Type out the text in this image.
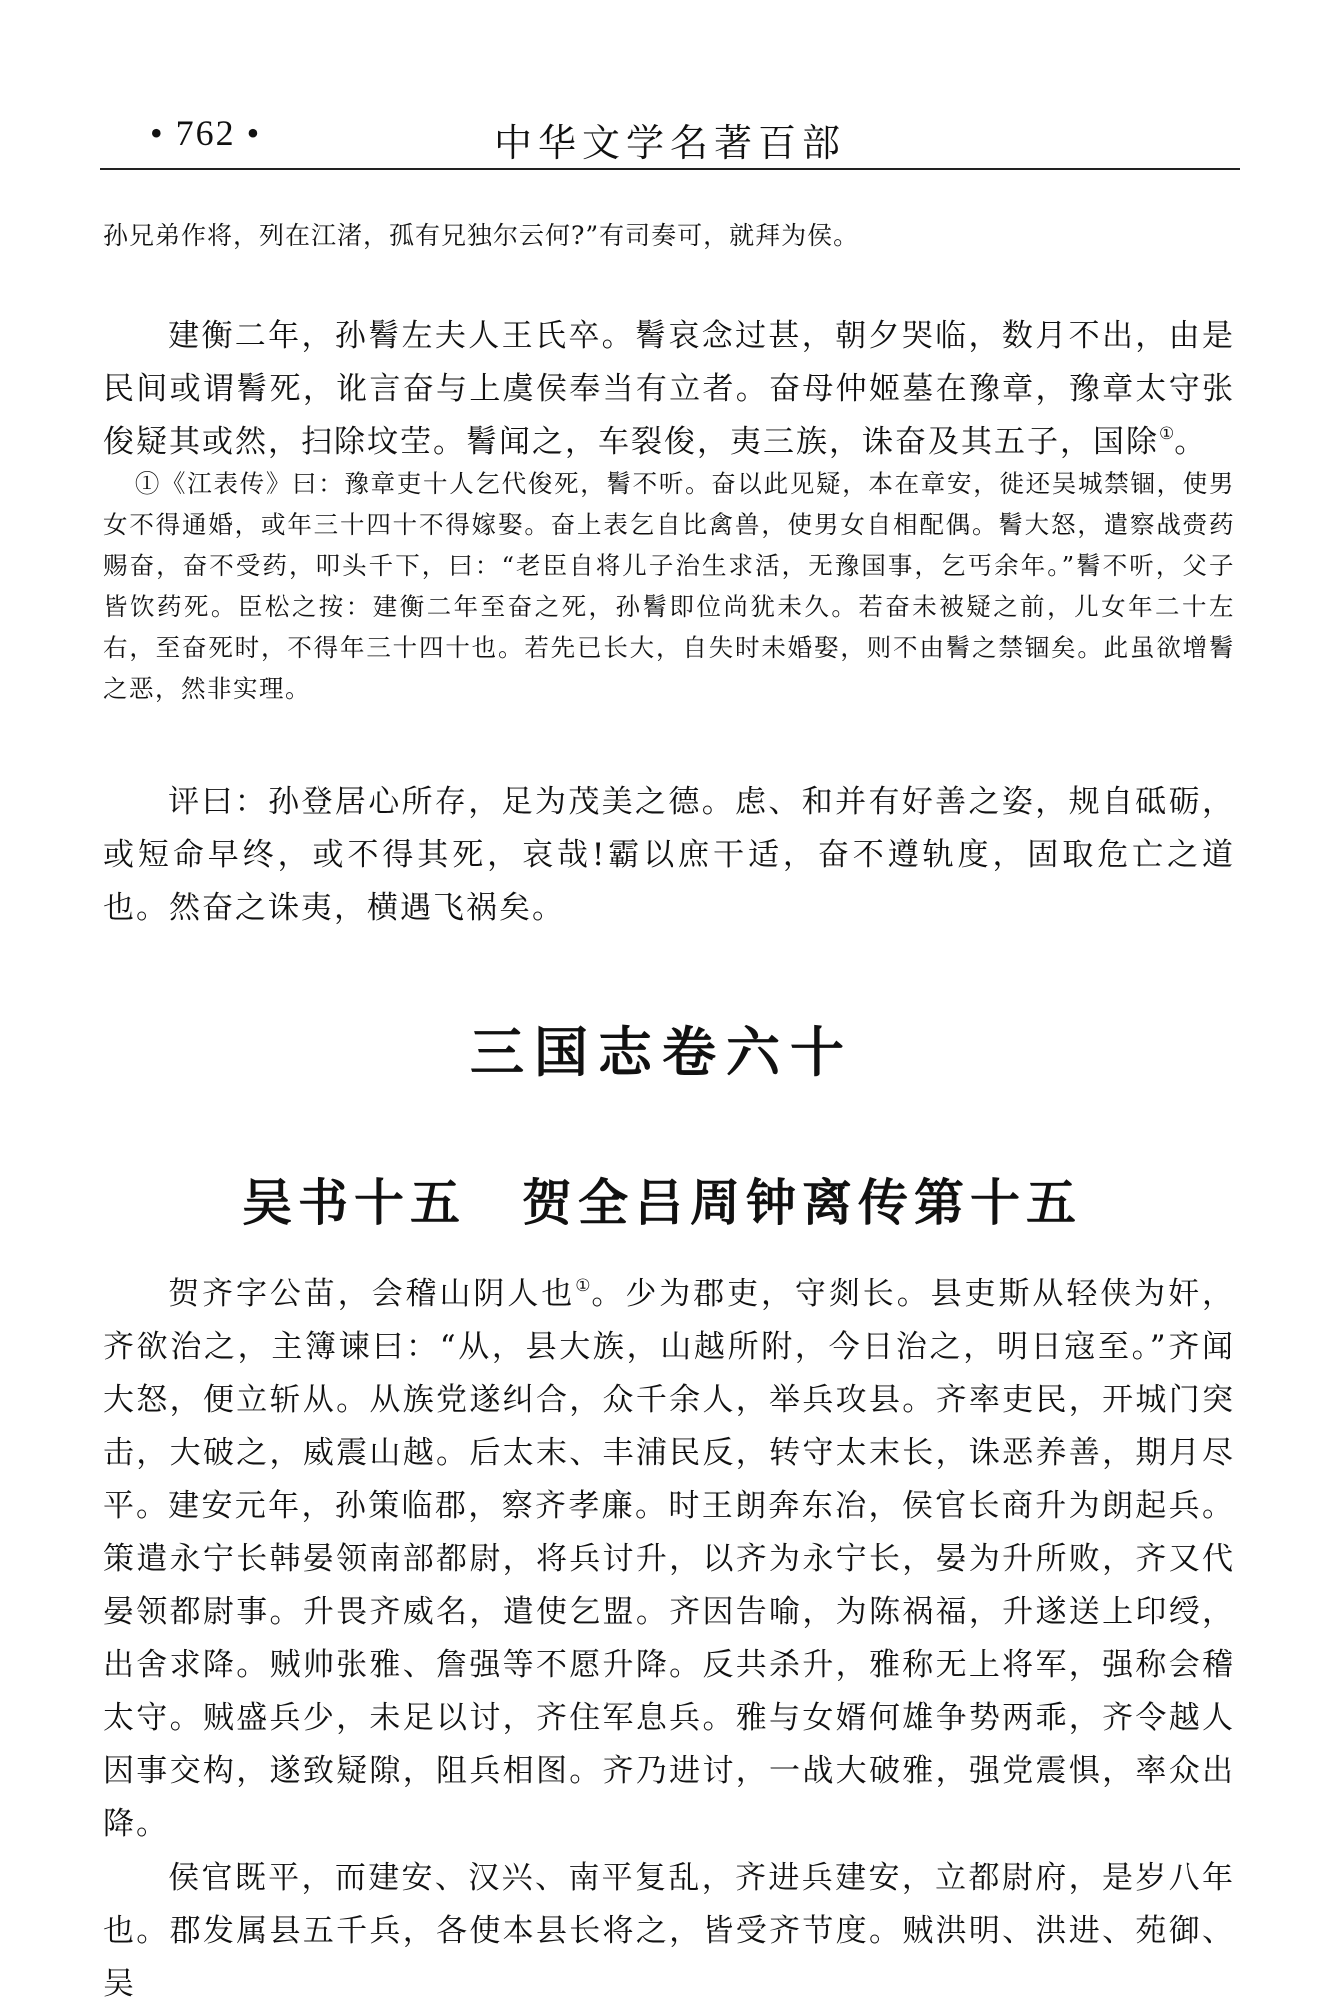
• 762 •	中华文学名著百部

孙兄弟作将，列在江渚，孤有兄独尔云何?”有司奏可，就拜为侯。

建衡二年，孙鬌左夫人王氏卒。鬌哀念过甚，朝夕哭临，数月不出，由是民间或谓鬌死，讹言奋与上虞侯奉当有立者。奋母仲姬墓在豫章，豫章太守张俊疑其或然，扫除坟茔。鬌闻之，车裂俊，夷三族，诛奋及其五子，国除①。

①《江表传》曰：豫章吏十人乞代俊死，鬌不听。奋以此见疑，本在章安，徙还吴城禁锢，使男女不得通婚，或年三十四十不得嫁娶。奋上表乞自比禽兽，使男女自相配偶。鬌大怒，遣察战赍药赐奋，奋不受药，叩头千下，曰：“老臣自将儿子治生求活，无豫国事，乞丐余年。”鬌不听，父子皆饮药死。臣松之按：建衡二年至奋之死，孙鬌即位尚犹未久。若奋未被疑之前，儿女年二十左右，至奋死时，不得年三十四十也。若先已长大，自失时未婚娶，则不由鬌之禁锢矣。此虽欲增鬌之恶，然非实理。

评曰：孙登居心所存，足为茂美之德。虑、和并有好善之姿，规自砥砺，或短命早终，或不得其死，哀哉!霸以庶干适，奋不遵轨度，固取危亡之道也。然奋之诛夷，横遇飞祸矣。

三国志卷六十
吴书十五　贺全吕周钟离传第十五

贺齐字公苗，会稽山阴人也①。少为郡吏，守剡长。县吏斯从轻侠为奸，齐欲治之，主簿谏曰：“从，县大族，山越所附，今日治之，明日寇至。”齐闻大怒，便立斩从。从族党遂纠合，众千余人，举兵攻县。齐率吏民，开城门突击，大破之，威震山越。后太末、丰浦民反，转守太末长，诛恶养善，期月尽平。 建安元年，孙策临郡，察齐孝廉。时王朗奔东冶，侯官长商升为朗起兵。策遣永宁长韩晏领南部都尉，将兵讨升，以齐为永宁长，晏为升所败，齐又代晏领都尉事。升畏齐威名，遣使乞盟。齐因告喻，为陈祸福，升遂送上印绶，出舍求降。贼帅张雅、詹强等不愿升降。反共杀升，雅称无上将军，强称会稽太守。贼盛兵少，未足以讨，齐住军息兵。雅与女婿何雄争势两乖，齐令越人因事交构，遂致疑隙，阻兵相图。齐乃进讨，一战大破雅，强党震惧，率众出降。

侯官既平，而建安、汉兴、南平复乱，齐进兵建安，立都尉府，是岁八年也。郡发属县五千兵，各使本县长将之，皆受齐节度。贼洪明、洪进、苑御、吴
